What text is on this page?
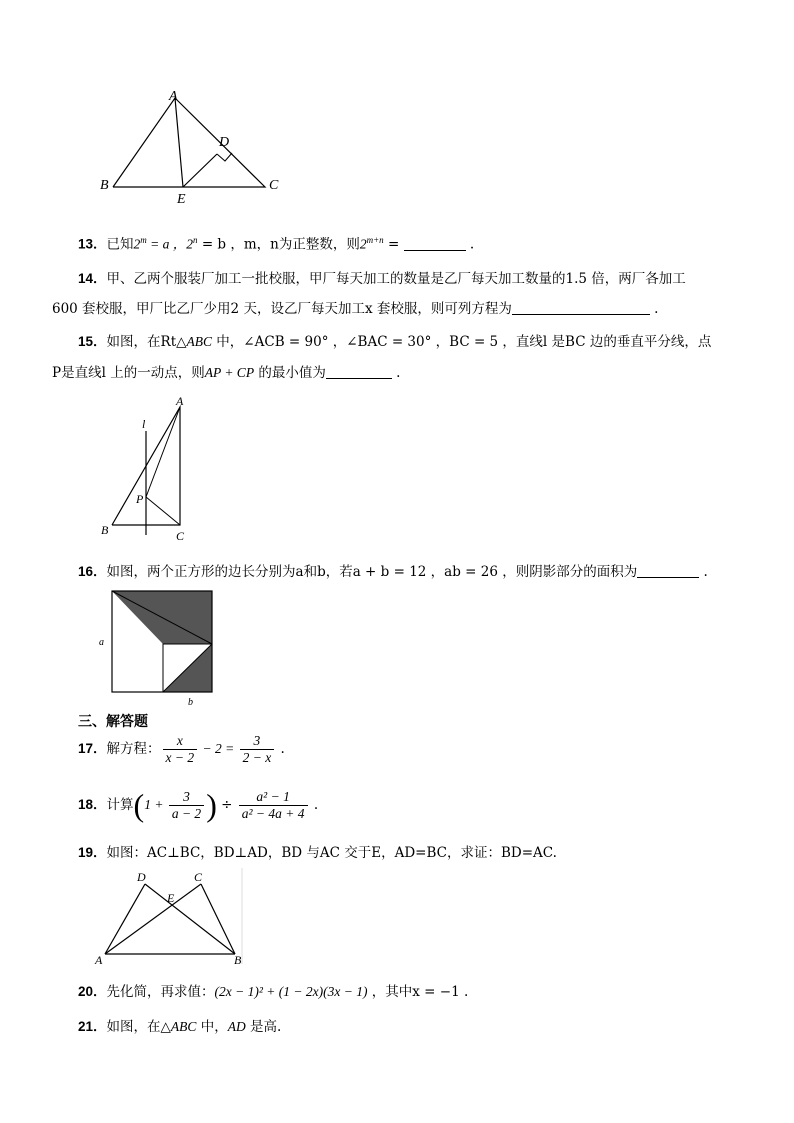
A
B	C
D
E
13．已知$2^m = a$ ，$2^n = b$ ，m，n为正整数，则$2^{m+n}$ =	.
14．甲、乙两个服装厂加工一批校服，甲厂每天加工的数量是乙厂每天加工数量的1.5 倍，两厂各加工
600 套校服，甲厂比乙厂少用2 天，设乙厂每天加工x 套校服，则可列方程为	.
15．如图，在Rt△ABC 中，∠ACB = 90° ，∠BAC = 30° ，BC = 5 ，直线l 是BC 边的垂直平分线，点
P是直线l 上的一动点，则AP + CP 的最小值为	.
A
B	C
P
l
16．如图，两个正方形的边长分别为a和b，若a + b = 12 ，ab = 26 ，则阴影部分的面积为	.
a
b
三、解答题
17．解方程： $\frac{x}{x - 2} - 2 = \frac{3}{2 - x}$ .
18．计算($1 + \frac{3}{a - 2}$ ) ÷ $\frac{\text{a² − 1}}{\text{a² − 4a + 4}}$ .
19．如图：AC⊥BC，BD⊥AD，BD 与AC 交于E，AD=BC，求证：BD=AC.
D	C
E
A	B
20．先化简，再求值：(2x − 1)² + (1 − 2x)(3x − 1) ，其中x = −1 .
21．如图，在△ABC 中，AD 是高.
